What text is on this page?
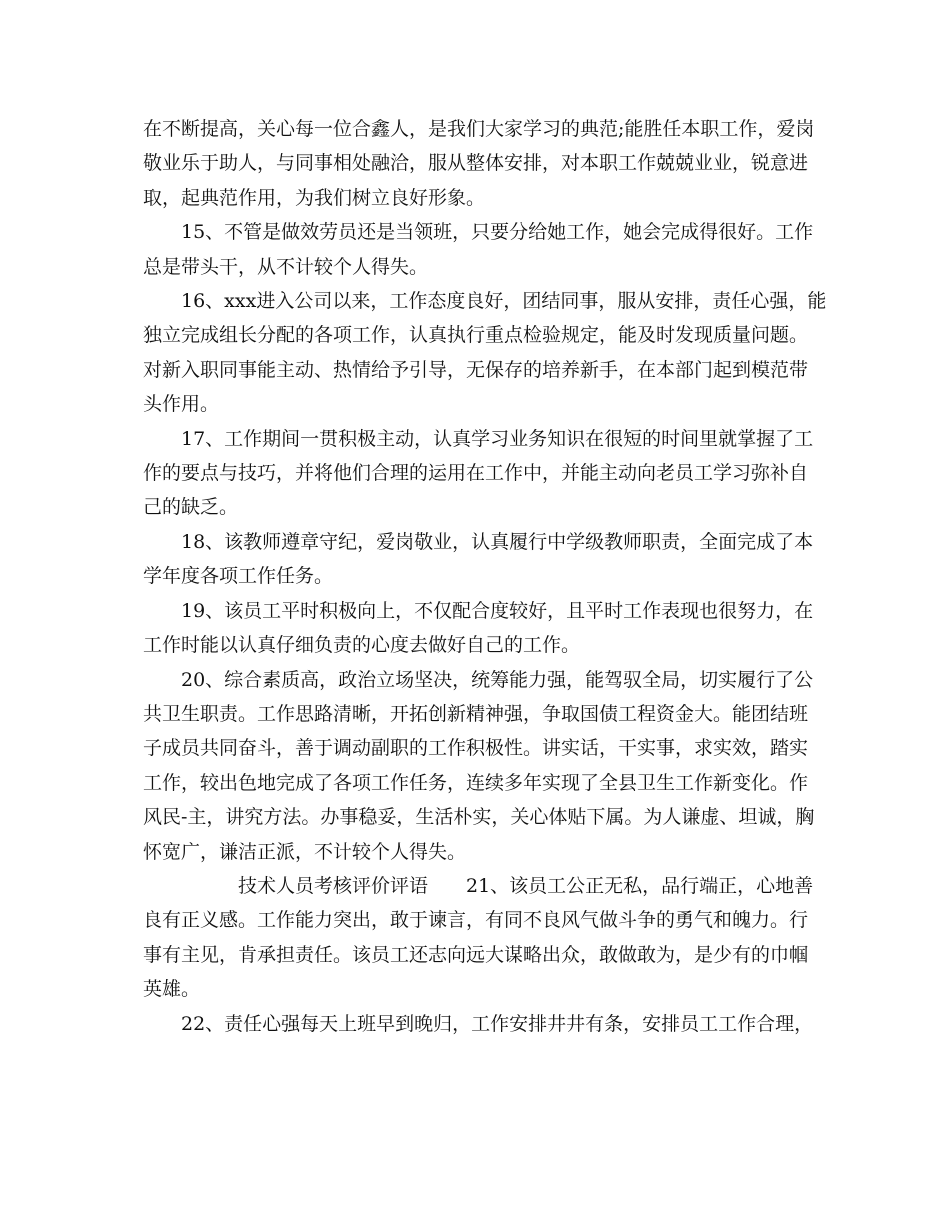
在不断提高，关心每一位合鑫人，是我们大家学习的典范;能胜任本职工作，爱岗

敬业乐于助人，与同事相处融洽，服从整体安排，对本职工作兢兢业业，锐意进

取，起典范作用，为我们树立良好形象。

　　15、不管是做效劳员还是当领班，只要分给她工作，她会完成得很好。工作

总是带头干，从不计较个人得失。

　　16、xxx进入公司以来，工作态度良好，团结同事，服从安排，责任心强，能

独立完成组长分配的各项工作，认真执行重点检验规定，能及时发现质量问题。

对新入职同事能主动、热情给予引导，无保存的培养新手，在本部门起到模范带

头作用。

　　17、工作期间一贯积极主动，认真学习业务知识在很短的时间里就掌握了工

作的要点与技巧，并将他们合理的运用在工作中，并能主动向老员工学习弥补自

己的缺乏。

　　18、该教师遵章守纪，爱岗敬业，认真履行中学级教师职责，全面完成了本

学年度各项工作任务。

　　19、该员工平时积极向上，不仅配合度较好，且平时工作表现也很努力，在

工作时能以认真仔细负责的心度去做好自己的工作。

　　20、综合素质高，政治立场坚决，统筹能力强，能驾驭全局，切实履行了公

共卫生职责。工作思路清晰，开拓创新精神强，争取国债工程资金大。能团结班

子成员共同奋斗，善于调动副职的工作积极性。讲实话，干实事，求实效，踏实

工作，较出色地完成了各项工作任务，连续多年实现了全县卫生工作新变化。作

风民-主，讲究方法。办事稳妥，生活朴实，关心体贴下属。为人谦虚、坦诚，胸

怀宽广，谦洁正派，不计较个人得失。

　　　　　技术人员考核评价评语　　21、该员工公正无私，品行端正，心地善

良有正义感。工作能力突出，敢于谏言，有同不良风气做斗争的勇气和魄力。行

事有主见，肯承担责任。该员工还志向远大谋略出众，敢做敢为，是少有的巾帼

英雄。

　　22、责任心强每天上班早到晚归，工作安排井井有条，安排员工工作合理，
